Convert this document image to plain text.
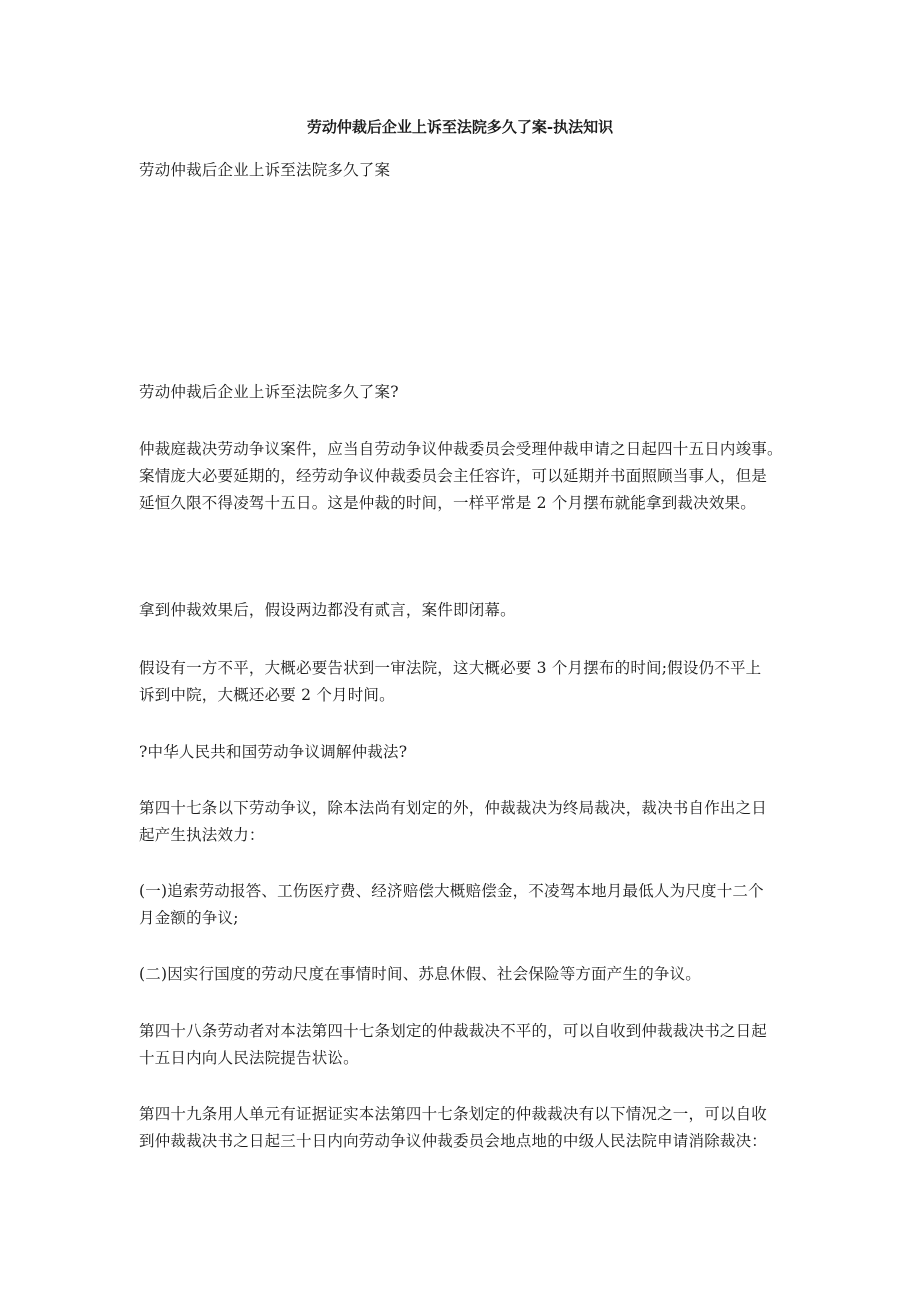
劳动仲裁后企业上诉至法院多久了案-执法知识

劳动仲裁后企业上诉至法院多久了案

劳动仲裁后企业上诉至法院多久了案?

仲裁庭裁决劳动争议案件，应当自劳动争议仲裁委员会受理仲裁申请之日起四十五日内竣事。
案情庞大必要延期的，经劳动争议仲裁委员会主任容许，可以延期并书面照顾当事人，但是
延恒久限不得凌驾十五日。这是仲裁的时间，一样平常是 2 个月摆布就能拿到裁决效果。

拿到仲裁效果后，假设两边都没有贰言，案件即闭幕。

假设有一方不平，大概必要告状到一审法院，这大概必要 3 个月摆布的时间;假设仍不平上
诉到中院，大概还必要 2 个月时间。

?中华人民共和国劳动争议调解仲裁法?

第四十七条以下劳动争议，除本法尚有划定的外，仲裁裁决为终局裁决，裁决书自作出之日
起产生执法效力：

(一)追索劳动报答、工伤医疗费、经济赔偿大概赔偿金，不凌驾本地月最低人为尺度十二个
月金额的争议;

(二)因实行国度的劳动尺度在事情时间、苏息休假、社会保险等方面产生的争议。

第四十八条劳动者对本法第四十七条划定的仲裁裁决不平的，可以自收到仲裁裁决书之日起
十五日内向人民法院提告状讼。

第四十九条用人单元有证据证实本法第四十七条划定的仲裁裁决有以下情况之一，可以自收
到仲裁裁决书之日起三十日内向劳动争议仲裁委员会地点地的中级人民法院申请消除裁决：
